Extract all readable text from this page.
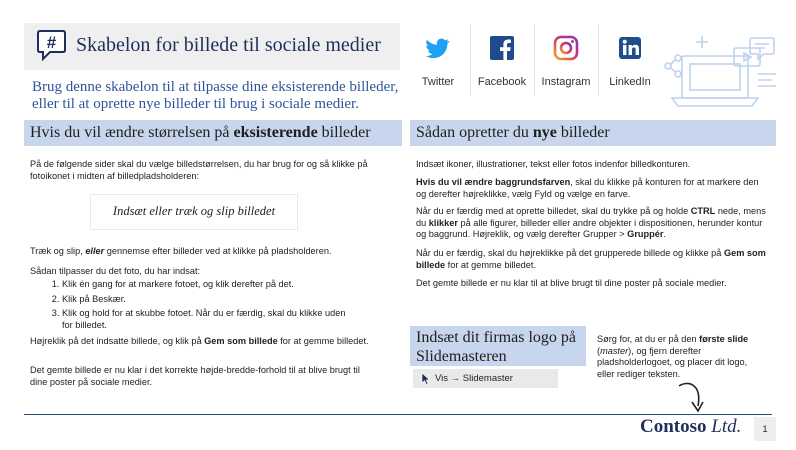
# Skabelon for billede til sociale medier
Brug denne skabelon til at tilpasse dine eksisterende billeder, eller til at oprette nye billeder til brug i sociale medier.
Twitter	Facebook	Instagram	LinkedIn
Hvis du vil ændre størrelsen på eksisterende billeder
På de følgende sider skal du vælge billedstørrelsen, du har brug for og så klikke på fotoikonet i midten af billedpladsholderen:
Indsæt eller træk og slip billedet
Træk og slip, eller gennemse efter billeder ved at klikke på pladsholderen.
Sådan tilpasser du det foto, du har indsat:
1. Klik én gang for at markere fotoet, og klik derefter på det.
2. Klik på Beskær.
3. Klik og hold for at skubbe fotoet. Når du er færdig, skal du klikke uden for billedet.
Højreklik på det indsatte billede, og klik på Gem som billede for at gemme billedet.
Det gemte billede er nu klar i det korrekte højde-bredde-forhold til at blive brugt til dine poster på sociale medier.
Sådan opretter du nye billeder
Indsæt ikoner, illustrationer, tekst eller fotos indenfor billedkonturen.
Hvis du vil ændre baggrundsfarven, skal du klikke på konturen for at markere den og derefter højreklikke, vælg Fyld og vælge en farve.
Når du er færdig med at oprette billedet, skal du trykke på og holde CTRL nede, mens du klikker på alle figurer, billeder eller andre objekter i dispositionen, herunder kontur og baggrund. Højreklik, og vælg derefter Grupper > Gruppér.
Når du er færdig, skal du højreklikke på det grupperede billede og klikke på Gem som billede for at gemme billedet.
Det gemte billede er nu klar til at blive brugt til dine poster på sociale medier.
Indsæt dit firmas logo på Slidemasteren
Vis → Slidemaster
Sørg for, at du er på den første slide (master), og fjern derefter pladsholderlogoet, og placer dit logo, eller rediger teksten.
Contoso Ltd.	1
